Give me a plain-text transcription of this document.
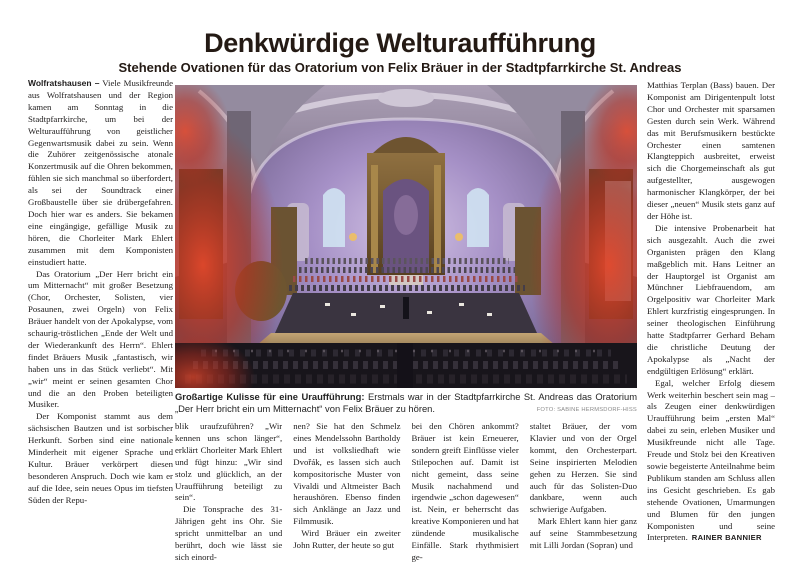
Denkwürdige Welturaufführung
Stehende Ovationen für das Oratorium von Felix Bräuer in der Stadtpfarrkirche St. Andreas

Wolfratshausen – Viele Musikfreunde aus Wolfratshausen und der Region kamen am Sonntag in die Stadtpfarrkirche, um bei der Welturaufführung von geistlicher Gegenwartsmusik dabei zu sein. Wenn die Zuhörer zeitgenössische atonale Konzertmusik auf die Ohren bekommen, fühlen sie sich manchmal so überfordert, als sei der Soundtrack einer Großbaustelle über sie drübergefahren. Doch hier war es anders. Sie bekamen eine eingängige, gefällige Musik zu hören, die Chorleiter Mark Ehlert zusammen mit dem Komponisten einstudiert hatte.

Das Oratorium „Der Herr bricht ein um Mitternacht“ mit großer Besetzung (Chor, Orchester, Solisten, vier Posaunen, zwei Orgeln) von Felix Bräuer handelt von der Apokalypse, vom schaurig-tröstlichen „Ende der Welt und der Wiederankunft des Herrn“. Ehlert findet Bräuers Musik „fantastisch, wir haben uns in das Stück verliebt“. Mit „wir“ meint er seinen gesamten Chor und die an den Proben beteiligten Musiker.

Der Komponist stammt aus dem sächsischen Bautzen und ist sorbischer Herkunft. Sorben sind eine nationale Minderheit mit eigener Sprache und Kultur. Bräuer verkörpert diesen besonderen Anspruch. Doch wie kam er auf die Idee, sein neues Opus im tiefsten Süden der Repu-

Großartige Kulisse für eine Uraufführung: Erstmals war in der Stadtpfarrkirche St. Andreas das Oratorium „Der Herr bricht ein um Mitternacht“ von Felix Bräuer zu hören.	FOTO: SABINE HERMSDORF-HISS

blik uraufzuführen? „Wir kennen uns schon länger“, erklärt Chorleiter Mark Ehlert und fügt hinzu: „Wir sind stolz und glücklich, an der Uraufführung beteiligt zu sein“.

Die Tonsprache des 31-Jährigen geht ins Ohr. Sie spricht unmittelbar an und berührt, doch wie lässt sie sich einord-

nen? Sie hat den Schmelz eines Mendelssohn Bartholdy und ist volksliedhaft wie Dvořák, es lassen sich auch kompositorische Muster von Vivaldi und Altmeister Bach heraushören. Ebenso finden sich Anklänge an Jazz und Filmmusik.

Wird Bräuer ein zweiter John Rutter, der heute so gut

bei den Chören ankommt? Bräuer ist kein Erneuerer, sondern greift Einflüsse vieler Stilepochen auf. Damit ist nicht gemeint, dass seine Musik nachahmend und irgendwie „schon dagewesen“ ist. Nein, er beherrscht das kreative Komponieren und hat zündende musikalische Einfälle. Stark rhythmisiert ge-

staltet Bräuer, der vom Klavier und von der Orgel kommt, den Orchesterpart. Seine inspirierten Melodien gehen zu Herzen. Sie sind auch für das Solisten-Duo dankbare, wenn auch schwierige Aufgaben.

Mark Ehlert kann hier ganz auf seine Stammbesetzung mit Lilli Jordan (Sopran) und

Matthias Terplan (Bass) bauen. Der Komponist am Dirigentenpult lotst Chor und Orchester mit sparsamen Gesten durch sein Werk. Während das mit Berufsmusikern bestückte Orchester einen samtenen Klangteppich ausbreitet, erweist sich die Chorgemeinschaft als gut aufgestellter, ausgewogen harmonischer Klangkörper, der bei dieser „neuen“ Musik stets ganz auf der Höhe ist.

Die intensive Probenarbeit hat sich ausgezahlt. Auch die zwei Organisten prägen den Klang maßgeblich mit. Hans Leitner an der Hauptorgel ist Organist am Münchner Liebfrauendom, am Orgelpositiv war Chorleiter Mark Ehlert kurzfristig eingesprungen. In seiner theologischen Einführung hatte Stadtpfarrer Gerhard Beham die christliche Deutung der Apokalypse als „Nacht der endgültigen Erlösung“ erklärt.

Egal, welcher Erfolg diesem Werk weiterhin beschert sein mag – als Zeugen einer denkwürdigen Uraufführung beim „ersten Mal“ dabei zu sein, erleben Musiker und Musikfreunde nicht alle Tage. Freude und Stolz bei den Kreativen sowie begeisterte Anteilnahme beim Publikum standen am Schluss allen ins Gesicht geschrieben. Es gab stehende Ovationen, Umarmungen und Blumen für den jungen Komponisten und seine Interpreten. RAINER BANNIER
